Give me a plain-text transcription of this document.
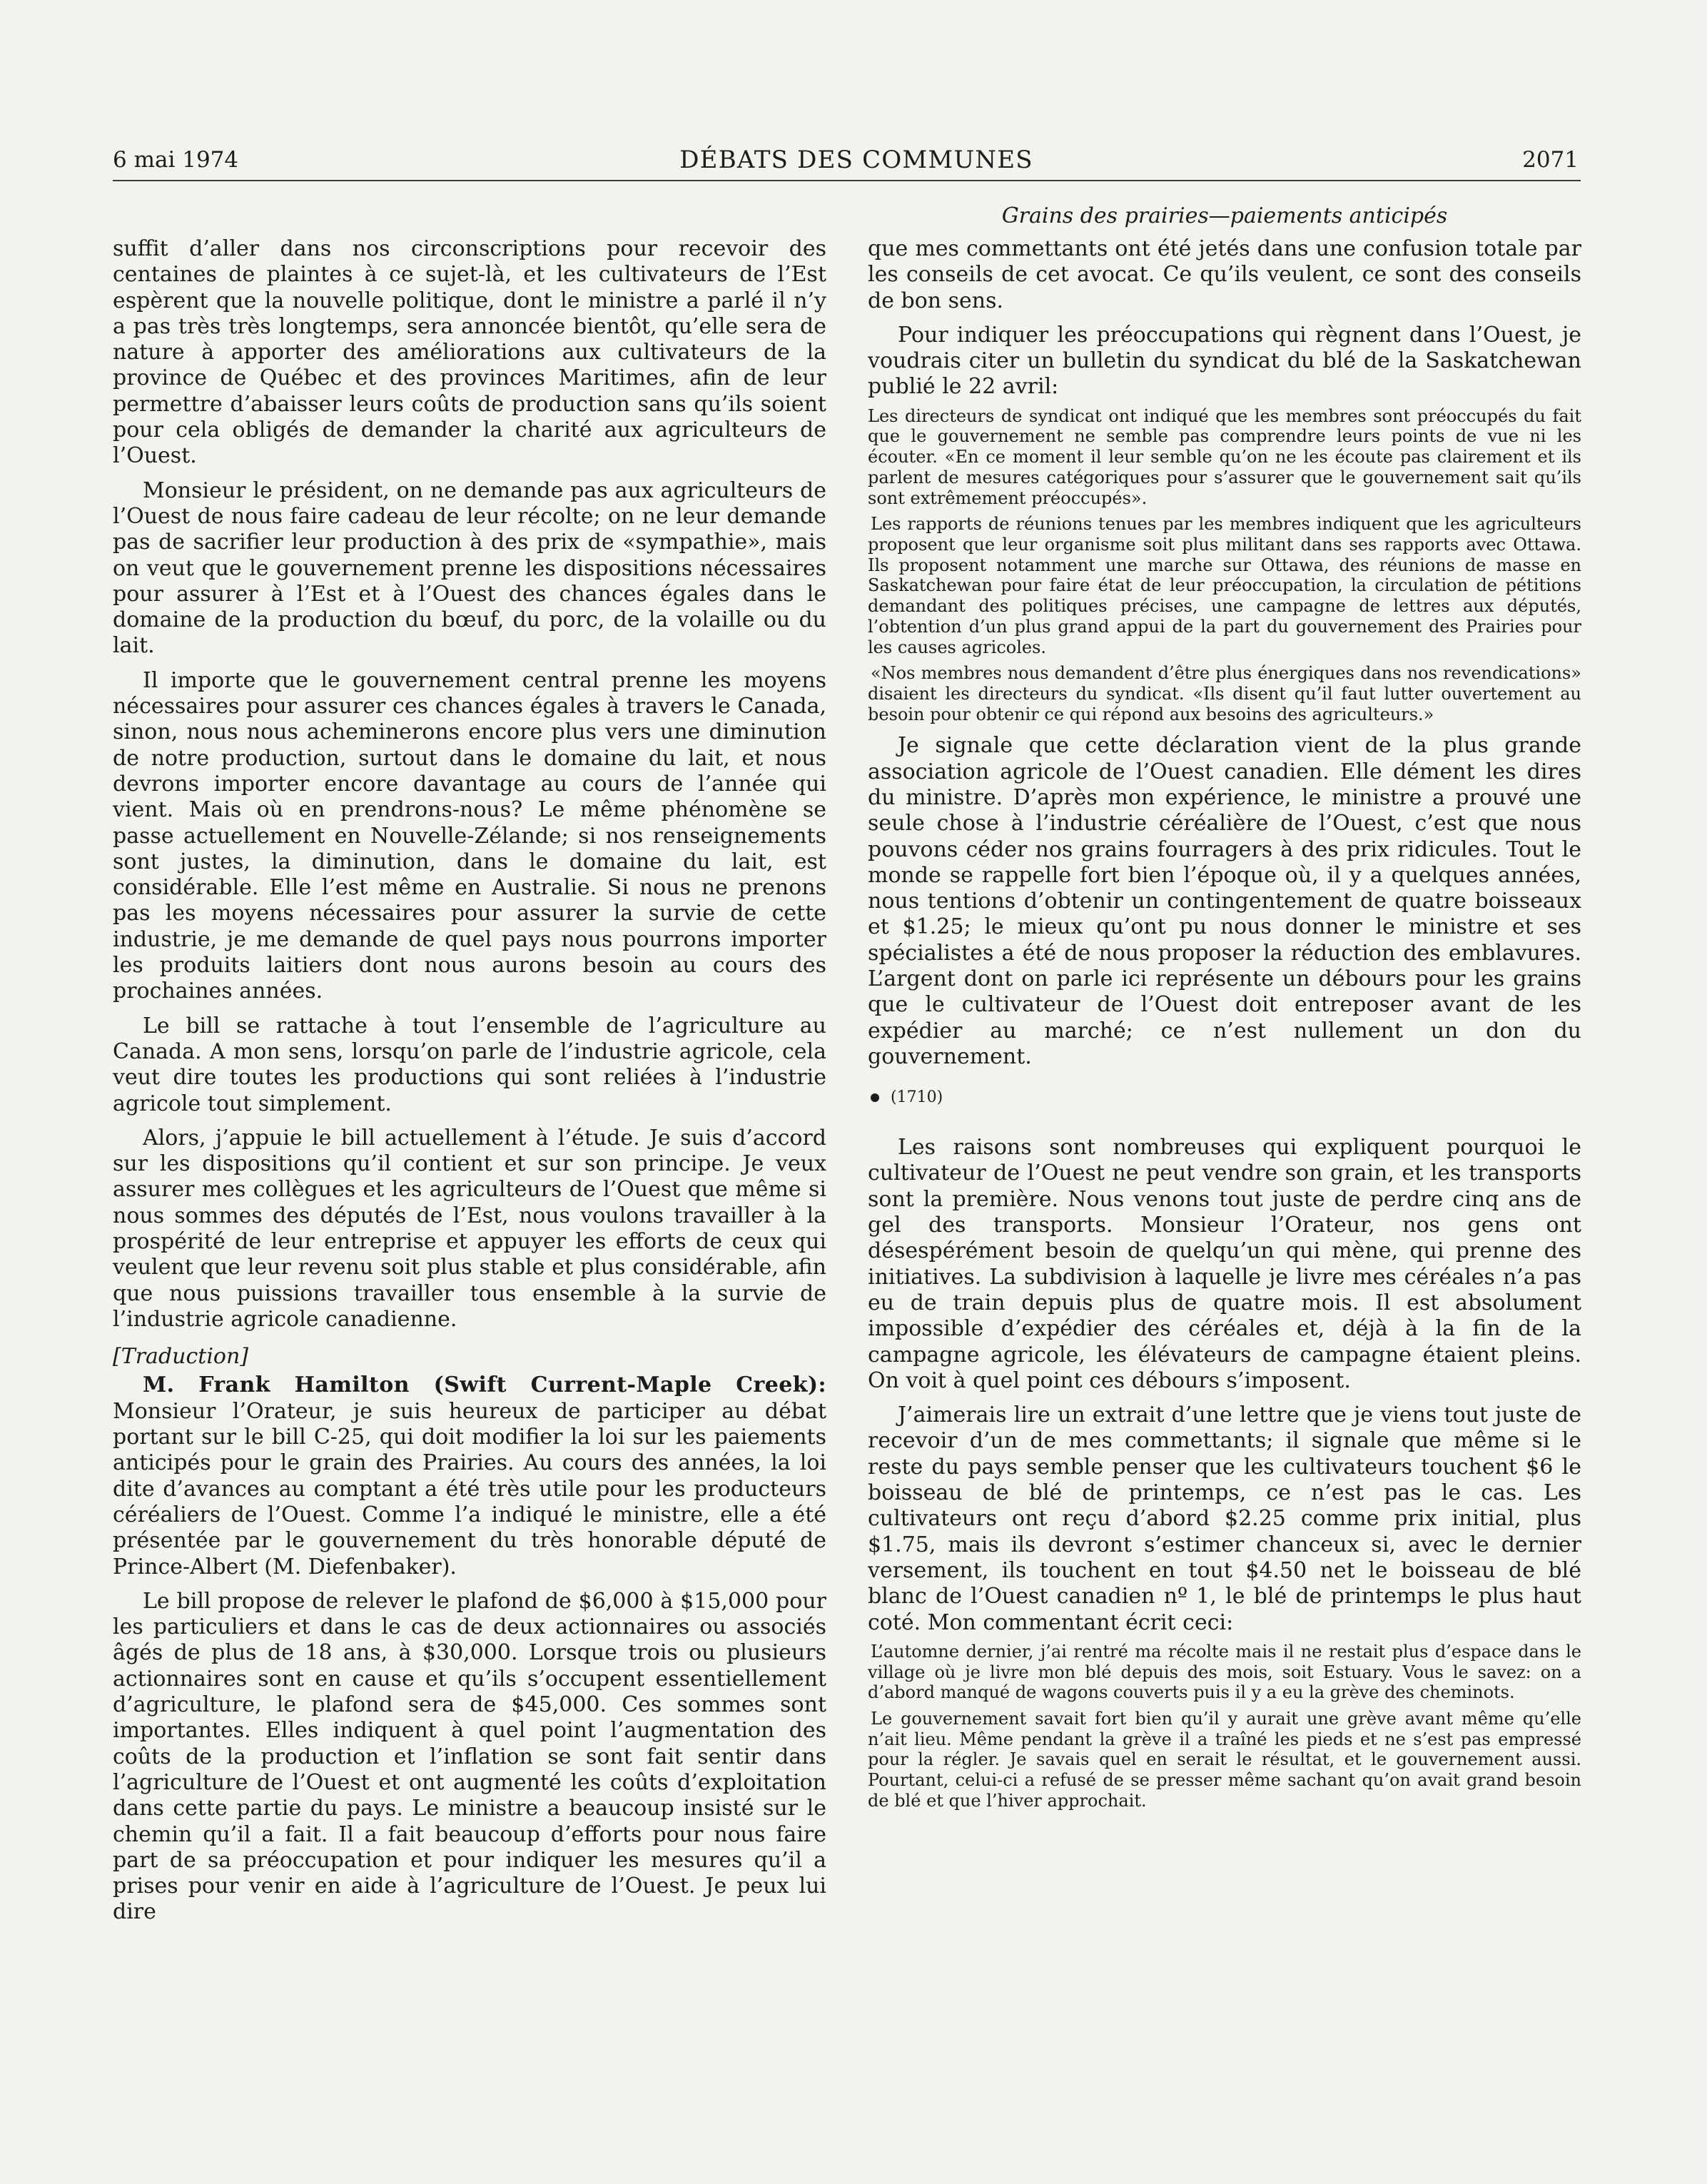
6 mai 1974	DÉBATS DES COMMUNES	2071
Grains des prairies—paiements anticipés

suffit d’aller dans nos circonscriptions pour recevoir des centaines de plaintes à ce sujet-là, et les cultivateurs de l’Est espèrent que la nouvelle politique, dont le ministre a parlé il n’y a pas très très longtemps, sera annoncée bientôt, qu’elle sera de nature à apporter des améliorations aux cultivateurs de la province de Québec et des provinces Maritimes, afin de leur permettre d’abaisser leurs coûts de production sans qu’ils soient pour cela obligés de demander la charité aux agriculteurs de l’Ouest.

Monsieur le président, on ne demande pas aux agriculteurs de l’Ouest de nous faire cadeau de leur récolte; on ne leur demande pas de sacrifier leur production à des prix de «sympathie», mais on veut que le gouvernement prenne les dispositions nécessaires pour assurer à l’Est et à l’Ouest des chances égales dans le domaine de la production du bœuf, du porc, de la volaille ou du lait.

Il importe que le gouvernement central prenne les moyens nécessaires pour assurer ces chances égales à travers le Canada, sinon, nous nous acheminerons encore plus vers une diminution de notre production, surtout dans le domaine du lait, et nous devrons importer encore davantage au cours de l’année qui vient. Mais où en prendrons-nous? Le même phénomène se passe actuellement en Nouvelle-Zélande; si nos renseignements sont justes, la diminution, dans le domaine du lait, est considérable. Elle l’est même en Australie. Si nous ne prenons pas les moyens nécessaires pour assurer la survie de cette industrie, je me demande de quel pays nous pourrons importer les produits laitiers dont nous aurons besoin au cours des prochaines années.

Le bill se rattache à tout l’ensemble de l’agriculture au Canada. A mon sens, lorsqu’on parle de l’industrie agricole, cela veut dire toutes les productions qui sont reliées à l’industrie agricole tout simplement.

Alors, j’appuie le bill actuellement à l’étude. Je suis d’accord sur les dispositions qu’il contient et sur son principe. Je veux assurer mes collègues et les agriculteurs de l’Ouest que même si nous sommes des députés de l’Est, nous voulons travailler à la prospérité de leur entreprise et appuyer les efforts de ceux qui veulent que leur revenu soit plus stable et plus considérable, afin que nous puissions travailler tous ensemble à la survie de l’industrie agricole canadienne.

[Traduction]

M. Frank Hamilton (Swift Current-Maple Creek): Monsieur l’Orateur, je suis heureux de participer au débat portant sur le bill C-25, qui doit modifier la loi sur les paiements anticipés pour le grain des Prairies. Au cours des années, la loi dite d’avances au comptant a été très utile pour les producteurs céréaliers de l’Ouest. Comme l’a indiqué le ministre, elle a été présentée par le gouvernement du très honorable député de Prince-Albert (M. Diefenbaker).

Le bill propose de relever le plafond de $6,000 à $15,000 pour les particuliers et dans le cas de deux actionnaires ou associés âgés de plus de 18 ans, à $30,000. Lorsque trois ou plusieurs actionnaires sont en cause et qu’ils s’occupent essentiellement d’agriculture, le plafond sera de $45,000. Ces sommes sont importantes. Elles indiquent à quel point l’augmentation des coûts de la production et l’inflation se sont fait sentir dans l’agriculture de l’Ouest et ont augmenté les coûts d’exploitation dans cette partie du pays. Le ministre a beaucoup insisté sur le chemin qu’il a fait. Il a fait beaucoup d’efforts pour nous faire part de sa préoccupation et pour indiquer les mesures qu’il a prises pour venir en aide à l’agriculture de l’Ouest. Je peux lui dire

que mes commettants ont été jetés dans une confusion totale par les conseils de cet avocat. Ce qu’ils veulent, ce sont des conseils de bon sens.

Pour indiquer les préoccupations qui règnent dans l’Ouest, je voudrais citer un bulletin du syndicat du blé de la Saskatchewan publié le 22 avril:

Les directeurs de syndicat ont indiqué que les membres sont préoccupés du fait que le gouvernement ne semble pas comprendre leurs points de vue ni les écouter. «En ce moment il leur semble qu’on ne les écoute pas clairement et ils parlent de mesures catégoriques pour s’assurer que le gouvernement sait qu’ils sont extrêmement préoccupés».

Les rapports de réunions tenues par les membres indiquent que les agriculteurs proposent que leur organisme soit plus militant dans ses rapports avec Ottawa. Ils proposent notamment une marche sur Ottawa, des réunions de masse en Saskatchewan pour faire état de leur préoccupation, la circulation de pétitions demandant des politiques précises, une campagne de lettres aux députés, l’obtention d’un plus grand appui de la part du gouvernement des Prairies pour les causes agricoles.

«Nos membres nous demandent d’être plus énergiques dans nos revendications» disaient les directeurs du syndicat. «Ils disent qu’il faut lutter ouvertement au besoin pour obtenir ce qui répond aux besoins des agriculteurs.»

Je signale que cette déclaration vient de la plus grande association agricole de l’Ouest canadien. Elle dément les dires du ministre. D’après mon expérience, le ministre a prouvé une seule chose à l’industrie céréalière de l’Ouest, c’est que nous pouvons céder nos grains fourragers à des prix ridicules. Tout le monde se rappelle fort bien l’époque où, il y a quelques années, nous tentions d’obtenir un contingentement de quatre boisseaux et $1.25; le mieux qu’ont pu nous donner le ministre et ses spécialistes a été de nous proposer la réduction des emblavures. L’argent dont on parle ici représente un débours pour les grains que le cultivateur de l’Ouest doit entreposer avant de les expédier au marché; ce n’est nullement un don du gouvernement.

(1710)

Les raisons sont nombreuses qui expliquent pourquoi le cultivateur de l’Ouest ne peut vendre son grain, et les transports sont la première. Nous venons tout juste de perdre cinq ans de gel des transports. Monsieur l’Orateur, nos gens ont désespérément besoin de quelqu’un qui mène, qui prenne des initiatives. La subdivision à laquelle je livre mes céréales n’a pas eu de train depuis plus de quatre mois. Il est absolument impossible d’expédier des céréales et, déjà à la fin de la campagne agricole, les élévateurs de campagne étaient pleins. On voit à quel point ces débours s’imposent.

J’aimerais lire un extrait d’une lettre que je viens tout juste de recevoir d’un de mes commettants; il signale que même si le reste du pays semble penser que les cultivateurs touchent $6 le boisseau de blé de printemps, ce n’est pas le cas. Les cultivateurs ont reçu d’abord $2.25 comme prix initial, plus $1.75, mais ils devront s’estimer chanceux si, avec le dernier versement, ils touchent en tout $4.50 net le boisseau de blé blanc de l’Ouest canadien nº 1, le blé de printemps le plus haut coté. Mon commentant écrit ceci:

L’automne dernier, j’ai rentré ma récolte mais il ne restait plus d’espace dans le village où je livre mon blé depuis des mois, soit Estuary. Vous le savez: on a d’abord manqué de wagons couverts puis il y a eu la grève des cheminots.

Le gouvernement savait fort bien qu’il y aurait une grève avant même qu’elle n’ait lieu. Même pendant la grève il a traîné les pieds et ne s’est pas empressé pour la régler. Je savais quel en serait le résultat, et le gouvernement aussi. Pourtant, celui-ci a refusé de se presser même sachant qu’on avait grand besoin de blé et que l’hiver approchait.
